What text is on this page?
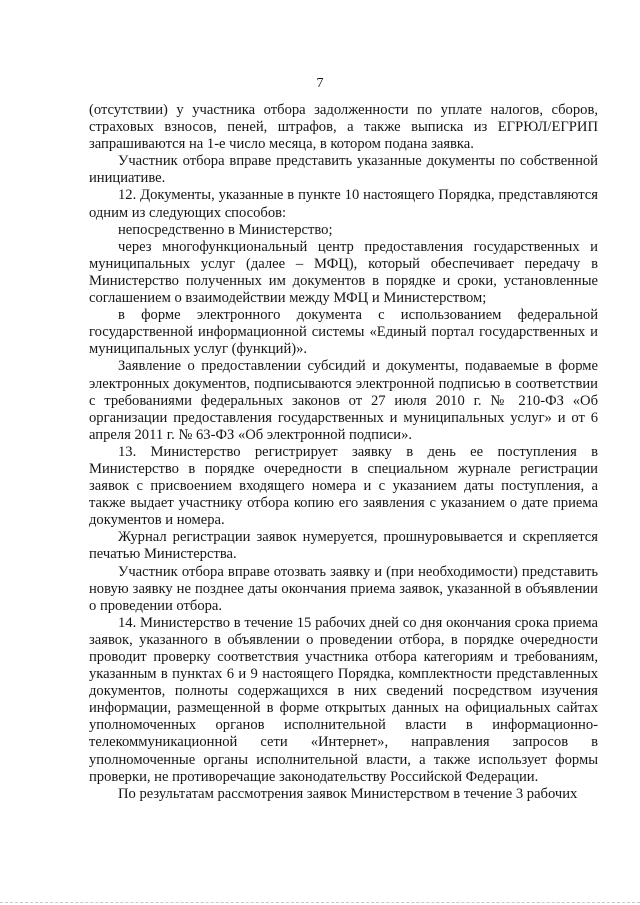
7

(отсутствии) у участника отбора задолженности по уплате налогов, сборов, страховых взносов, пеней, штрафов, а также выписка из ЕГРЮЛ/ЕГРИП запрашиваются на 1-е число месяца, в котором подана заявка.

Участник отбора вправе представить указанные документы по собственной инициативе.

12. Документы, указанные в пункте 10 настоящего Порядка, представляются одним из следующих способов:

непосредственно в Министерство;

через многофункциональный центр предоставления государственных и муниципальных услуг (далее – МФЦ), который обеспечивает передачу в Министерство полученных им документов в порядке и сроки, установленные соглашением о взаимодействии между МФЦ и Министерством;

в форме электронного документа с использованием федеральной государственной информационной системы «Единый портал государственных и муниципальных услуг (функций)».

Заявление о предоставлении субсидий и документы, подаваемые в форме электронных документов, подписываются электронной подписью в соответствии с требованиями федеральных законов от 27 июля 2010 г. № 210-ФЗ «Об организации предоставления государственных и муниципальных услуг» и от 6 апреля 2011 г. № 63-ФЗ «Об электронной подписи».

13. Министерство регистрирует заявку в день ее поступления в Министерство в порядке очередности в специальном журнале регистрации заявок с присвоением входящего номера и с указанием даты поступления, а также выдает участнику отбора копию его заявления с указанием о дате приема документов и номера.

Журнал регистрации заявок нумеруется, прошнуровывается и скрепляется печатью Министерства.

Участник отбора вправе отозвать заявку и (при необходимости) представить новую заявку не позднее даты окончания приема заявок, указанной в объявлении о проведении отбора.

14. Министерство в течение 15 рабочих дней со дня окончания срока приема заявок, указанного в объявлении о проведении отбора, в порядке очередности проводит проверку соответствия участника отбора категориям и требованиям, указанным в пунктах 6 и 9 настоящего Порядка, комплектности представленных документов, полноты содержащихся в них сведений посредством изучения информации, размещенной в форме открытых данных на официальных сайтах уполномоченных органов исполнительной власти в информационно-телекоммуникационной сети «Интернет», направления запросов в уполномоченные органы исполнительной власти, а также использует формы проверки, не противоречащие законодательству Российской Федерации.

По результатам рассмотрения заявок Министерством в течение 3 рабочих
